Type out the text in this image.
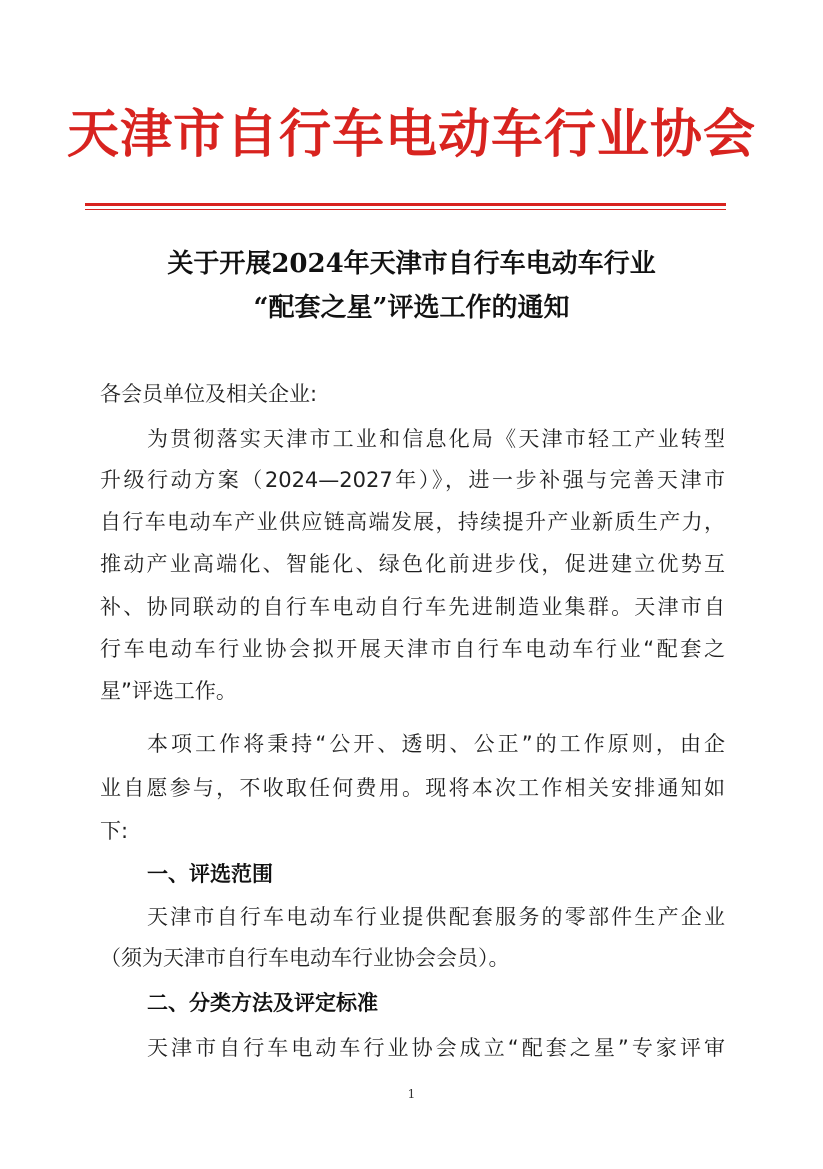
天津市自行车电动车行业协会
关于开展2024年天津市自行车电动车行业
“配套之星”评选工作的通知
各会员单位及相关企业:
为贯彻落实天津市工业和信息化局《天津市轻工产业转型
升级行动方案（2024—2027年）》，进一步补强与完善天津市
自行车电动车产业供应链高端发展，持续提升产业新质生产力，
推动产业高端化、智能化、绿色化前进步伐，促进建立优势互
补、协同联动的自行车电动自行车先进制造业集群。天津市自
行车电动车行业协会拟开展天津市自行车电动车行业“配套之
星”评选工作。
本项工作将秉持“公开、透明、公正”的工作原则，由企
业自愿参与，不收取任何费用。现将本次工作相关安排通知如
下:
一、评选范围
天津市自行车电动车行业提供配套服务的零部件生产企业
（须为天津市自行车电动车行业协会会员）。
二、分类方法及评定标准
天津市自行车电动车行业协会成立“配套之星”专家评审
1
